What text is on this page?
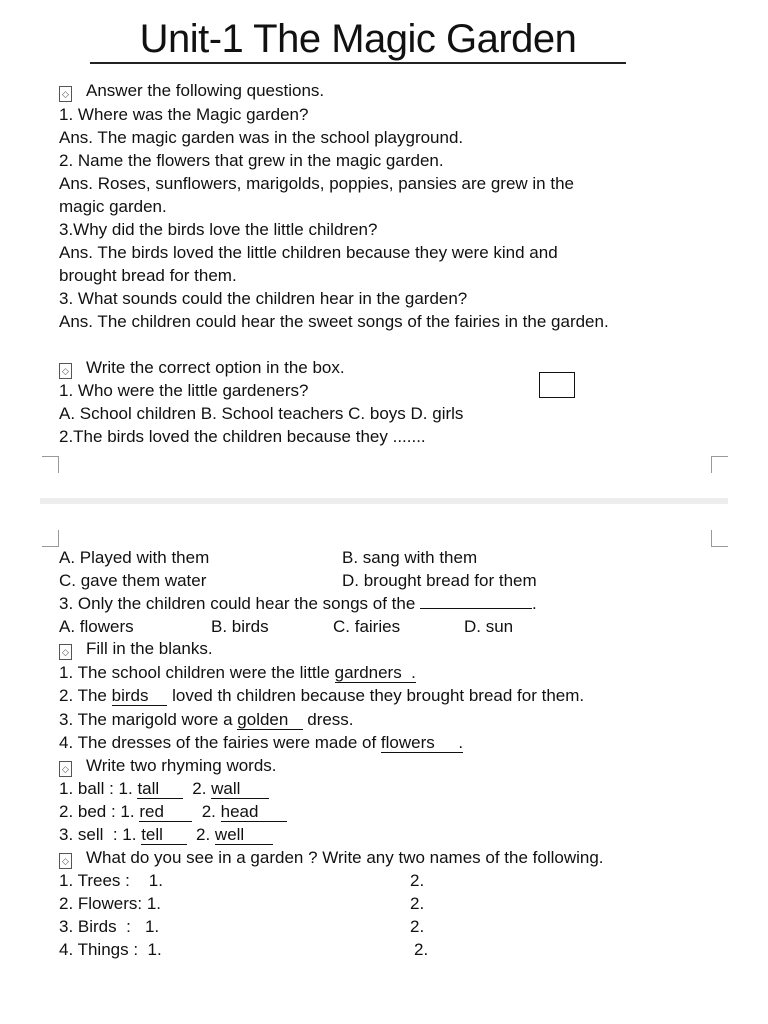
Unit-1 The Magic Garden
◇ Answer the following questions.
1. Where was the Magic garden?
Ans. The magic garden was in the school playground.
2. Name the flowers that grew in the magic garden.
Ans. Roses, sunflowers, marigolds, poppies, pansies are grew in the
magic garden.
3.Why did the birds love the little children?
Ans. The birds loved the little children because they were kind and
brought bread for them.
3. What sounds could the children hear in the garden?
Ans. The children could hear the sweet songs of the fairies in the garden.
◇ Write the correct option in the box.
1. Who were the little gardeners?
A. School children B. School teachers C. boys D. girls
2.The birds loved the children because they .......
A. Played with them	B. sang with them
C. gave them water	D. brought bread for them
3. Only the children could hear the songs of the	.
A. flowers	B. birds	C. fairies	D. sun
◇ Fill in the blanks.
1. The school children were the little gardners  .
2. The birds     loved th children because they brought bread for them.
3. The marigold wore a golden    dress.
4. The dresses of the fairies were made of flowers     .
◇ Write two rhyming words.
1. ball : 1. tall       2. wall
2. bed : 1. red        2. head
3. sell  : 1. tell       2. well
◇ What do you see in a garden ? Write any two names of the following.
1. Trees :    1.	2.
2. Flowers: 1.	2.
3. Birds  :   1.	2.
4. Things :  1.	2.
